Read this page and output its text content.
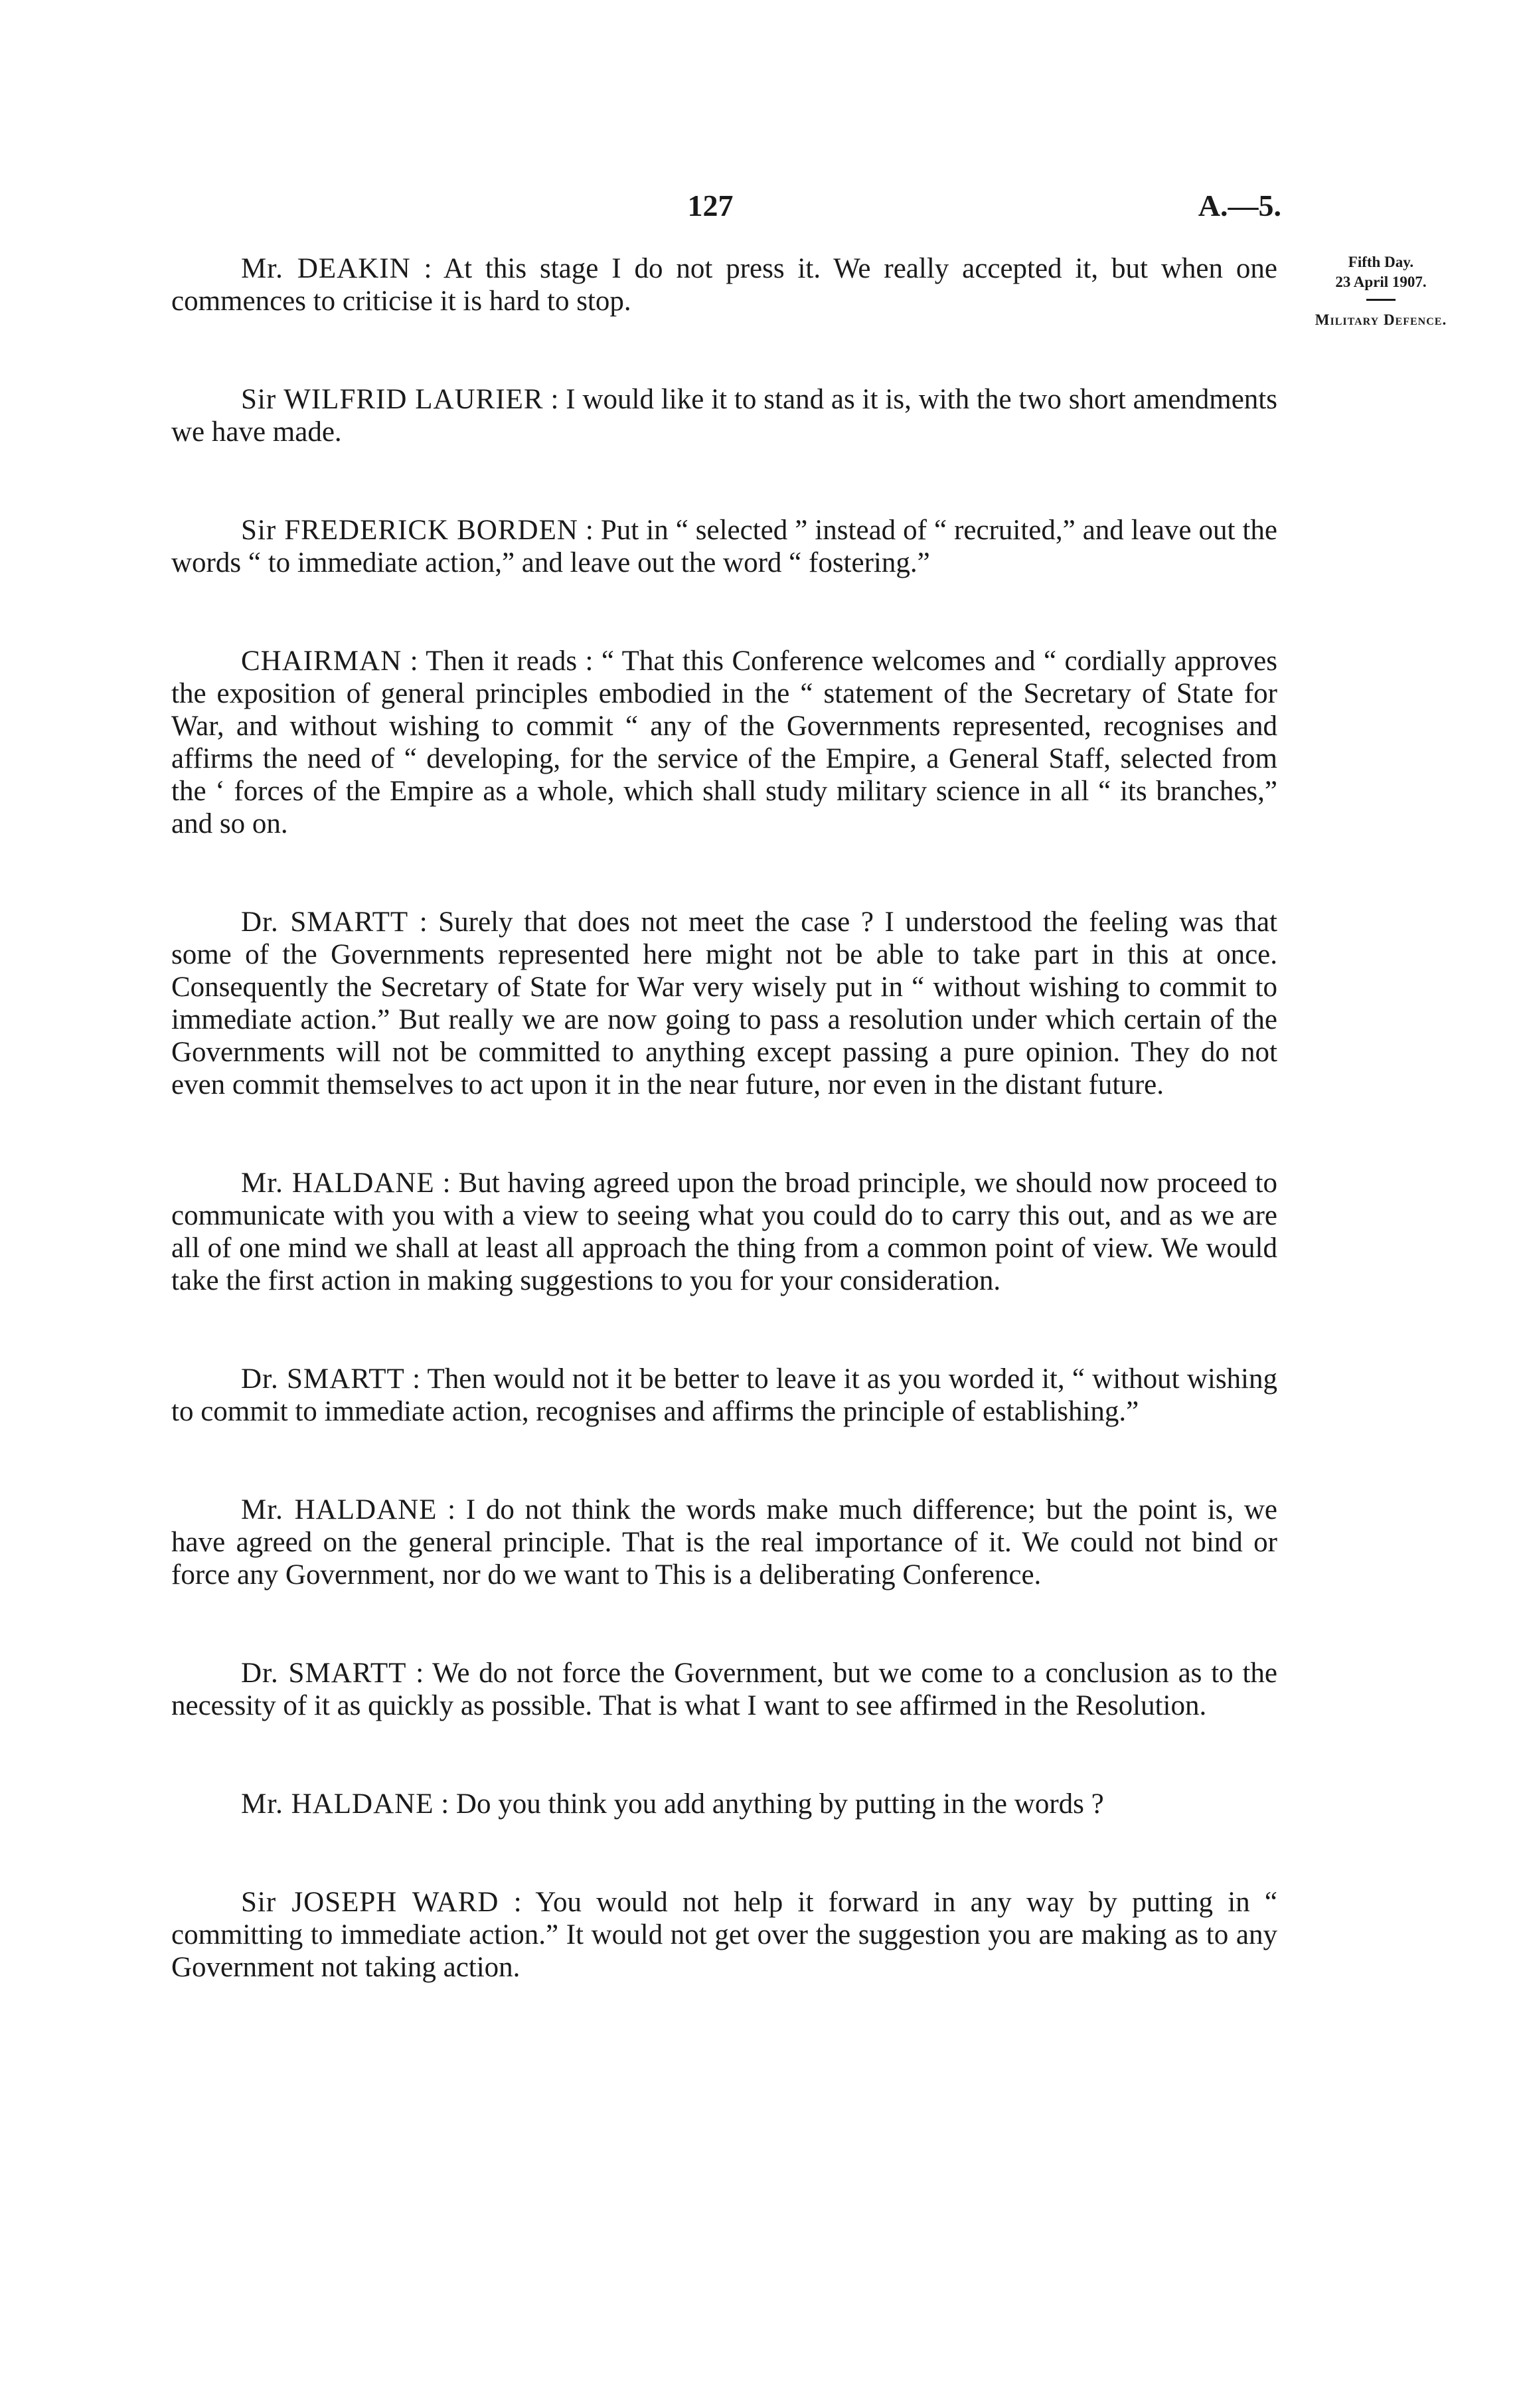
127	A.—5.
Fifth Day.
23 April 1907.
Military Defence.

Mr. DEAKIN : At this stage I do not press it. We really accepted it, but when one commences to criticise it is hard to stop.

Sir WILFRID LAURIER : I would like it to stand as it is, with the two short amendments we have made.

Sir FREDERICK BORDEN : Put in “ selected ” instead of “ recruited,” and leave out the words “ to immediate action,” and leave out the word “ fostering.”

CHAIRMAN : Then it reads : “ That this Conference welcomes and “ cordially approves the exposition of general principles embodied in the “ statement of the Secretary of State for War, and without wishing to commit “ any of the Governments represented, recognises and affirms the need of “ developing, for the service of the Empire, a General Staff, selected from the ‘ forces of the Empire as a whole, which shall study military science in all “ its branches,” and so on.

Dr. SMARTT : Surely that does not meet the case ? I understood the feeling was that some of the Governments represented here might not be able to take part in this at once. Consequently the Secretary of State for War very wisely put in “ without wishing to commit to immediate action.” But really we are now going to pass a resolution under which certain of the Governments will not be committed to anything except passing a pure opinion. They do not even commit themselves to act upon it in the near future, nor even in the distant future.

Mr. HALDANE : But having agreed upon the broad principle, we should now proceed to communicate with you with a view to seeing what you could do to carry this out, and as we are all of one mind we shall at least all approach the thing from a common point of view. We would take the first action in making suggestions to you for your consideration.

Dr. SMARTT : Then would not it be better to leave it as you worded it, “ without wishing to commit to immediate action, recognises and affirms the principle of establishing.”

Mr. HALDANE : I do not think the words make much difference; but the point is, we have agreed on the general principle. That is the real importance of it. We could not bind or force any Government, nor do we want to This is a deliberating Conference.

Dr. SMARTT : We do not force the Government, but we come to a conclusion as to the necessity of it as quickly as possible. That is what I want to see affirmed in the Resolution.

Mr. HALDANE : Do you think you add anything by putting in the words ?

Sir JOSEPH WARD : You would not help it forward in any way by putting in “ committing to immediate action.” It would not get over the suggestion you are making as to any Government not taking action.
